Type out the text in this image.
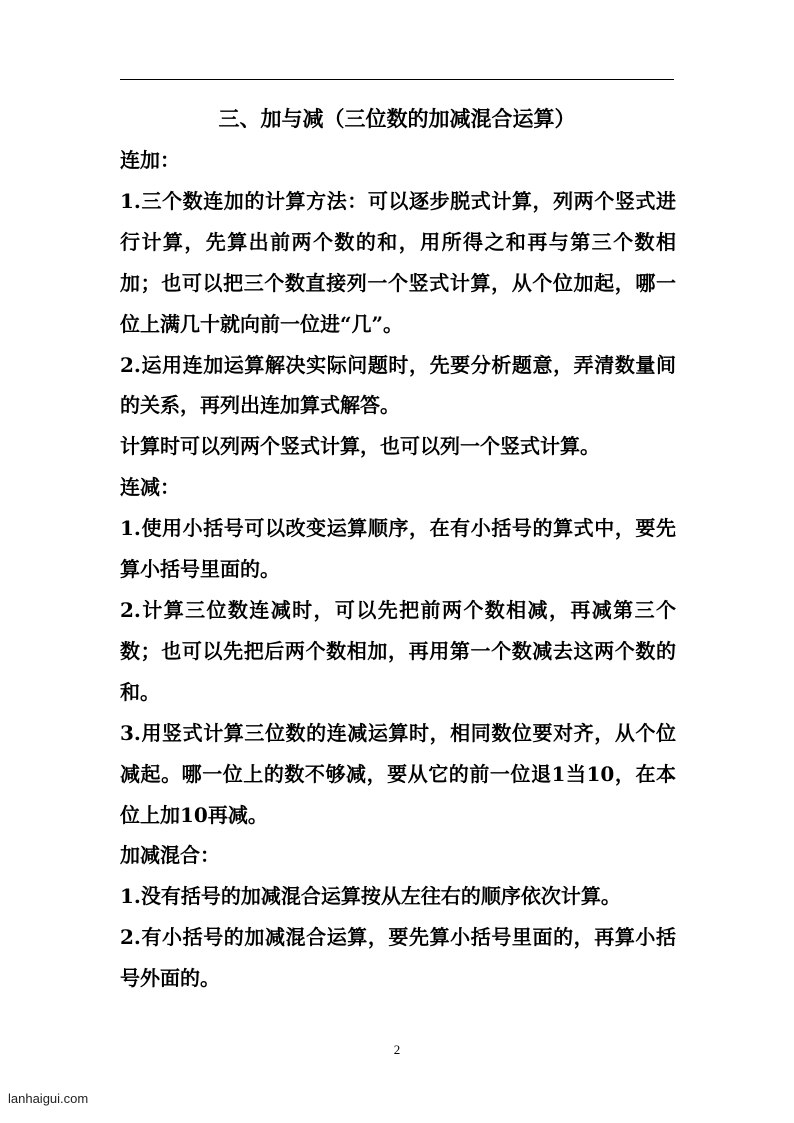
三、加与减（三位数的加减混合运算）

连加：

1.三个数连加的计算方法：可以逐步脱式计算，列两个竖式进行计算，先算出前两个数的和，用所得之和再与第三个数相加；也可以把三个数直接列一个竖式计算，从个位加起，哪一位上满几十就向前一位进“几”。

2.运用连加运算解决实际问题时，先要分析题意，弄清数量间的关系，再列出连加算式解答。

计算时可以列两个竖式计算，也可以列一个竖式计算。

连减：

1.使用小括号可以改变运算顺序，在有小括号的算式中，要先算小括号里面的。

2.计算三位数连减时，可以先把前两个数相减，再减第三个数；也可以先把后两个数相加，再用第一个数减去这两个数的和。

3.用竖式计算三位数的连减运算时，相同数位要对齐，从个位减起。哪一位上的数不够减，要从它的前一位退1当10，在本位上加10再减。

加减混合：

1.没有括号的加减混合运算按从左往右的顺序依次计算。

2.有小括号的加减混合运算，要先算小括号里面的，再算小括号外面的。

2
lanhaigui.com
